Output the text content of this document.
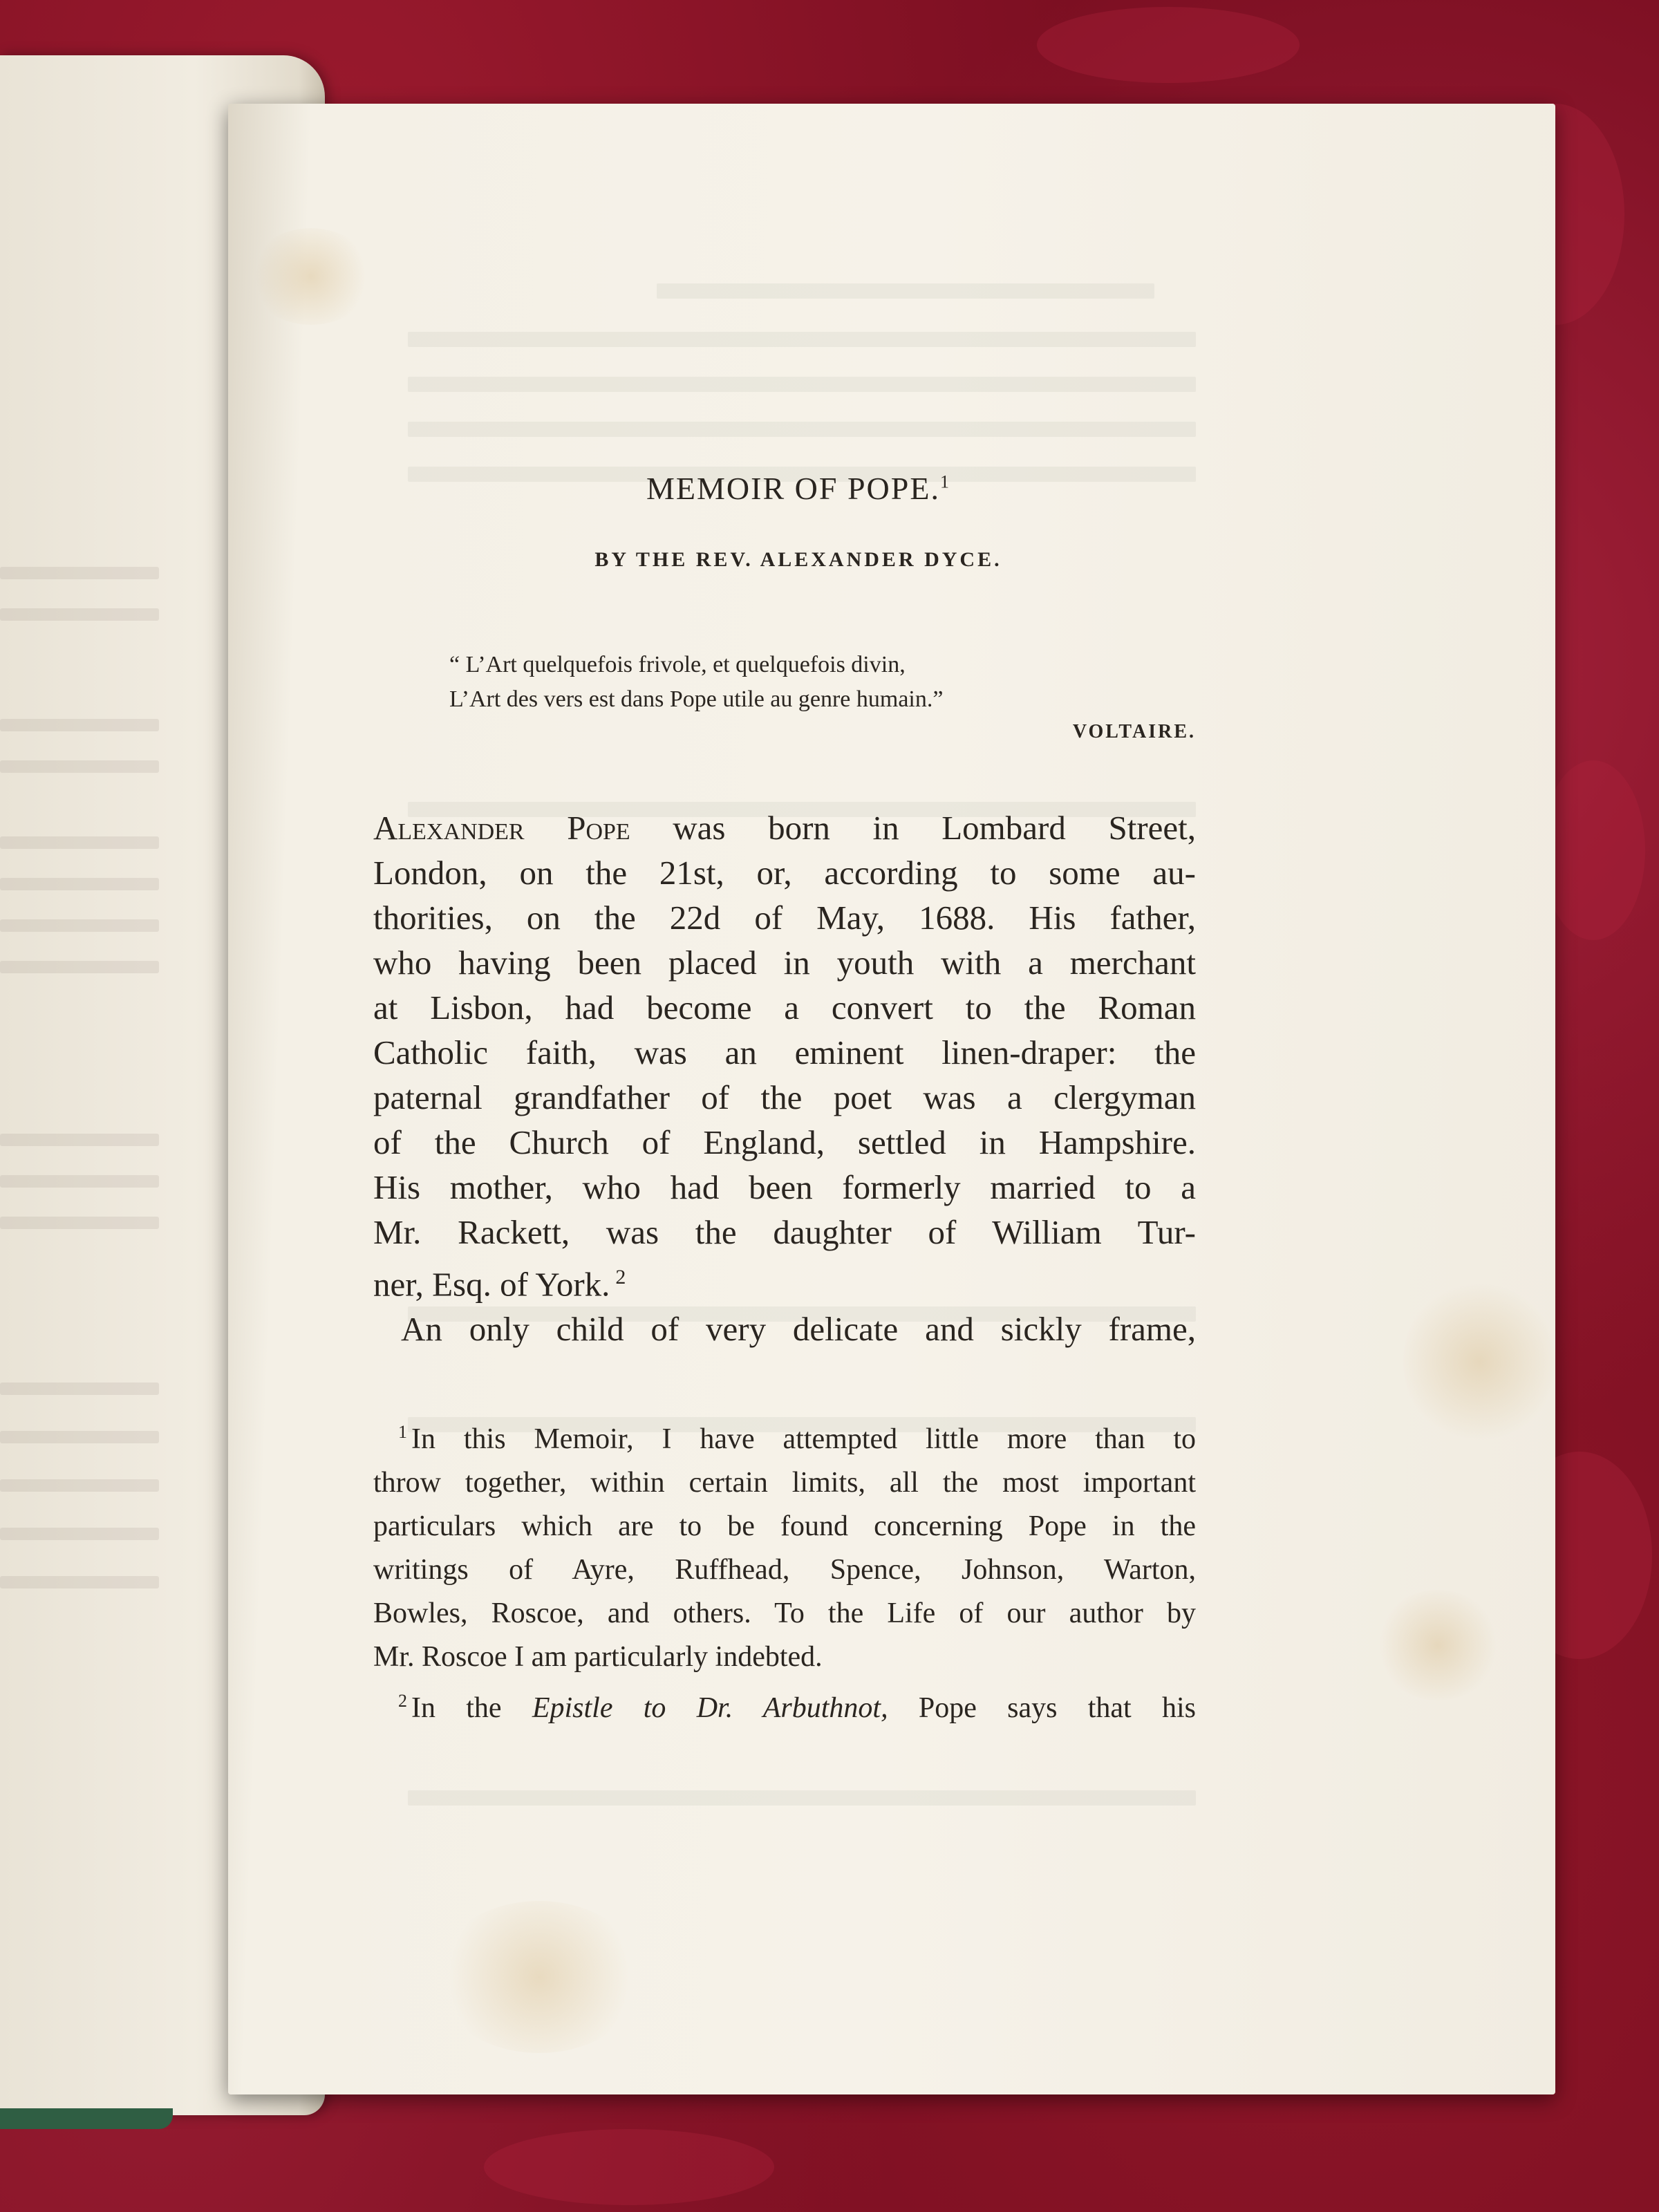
MEMOIR OF POPE.$^1$
BY THE REV. ALEXANDER DYCE.
“ L’Art quelquefois frivole, et quelquefois divin,
L’Art des vers est dans Pope utile au genre humain.”
VOLTAIRE.
Alexander Pope was born in Lombard Street,
London, on the 21st, or, according to some au-
thorities, on the 22d of May, 1688. His father,
who having been placed in youth with a merchant
at Lisbon, had become a convert to the Roman
Catholic faith, was an eminent linen-draper: the
paternal grandfather of the poet was a clergyman
of the Church of England, settled in Hampshire.
His mother, who had been formerly married to a
Mr. Rackett, was the daughter of William Tur-
ner, Esq. of York. $^2$
An only child of very delicate and sickly frame,
$^1$ In this Memoir, I have attempted little more than to
throw together, within certain limits, all the most important
particulars which are to be found concerning Pope in the
writings of Ayre, Ruffhead, Spence, Johnson, Warton,
Bowles, Roscoe, and others. To the Life of our author by
Mr. Roscoe I am particularly indebted.
$^2$ In the Epistle to Dr. Arbuthnot, Pope says that his
